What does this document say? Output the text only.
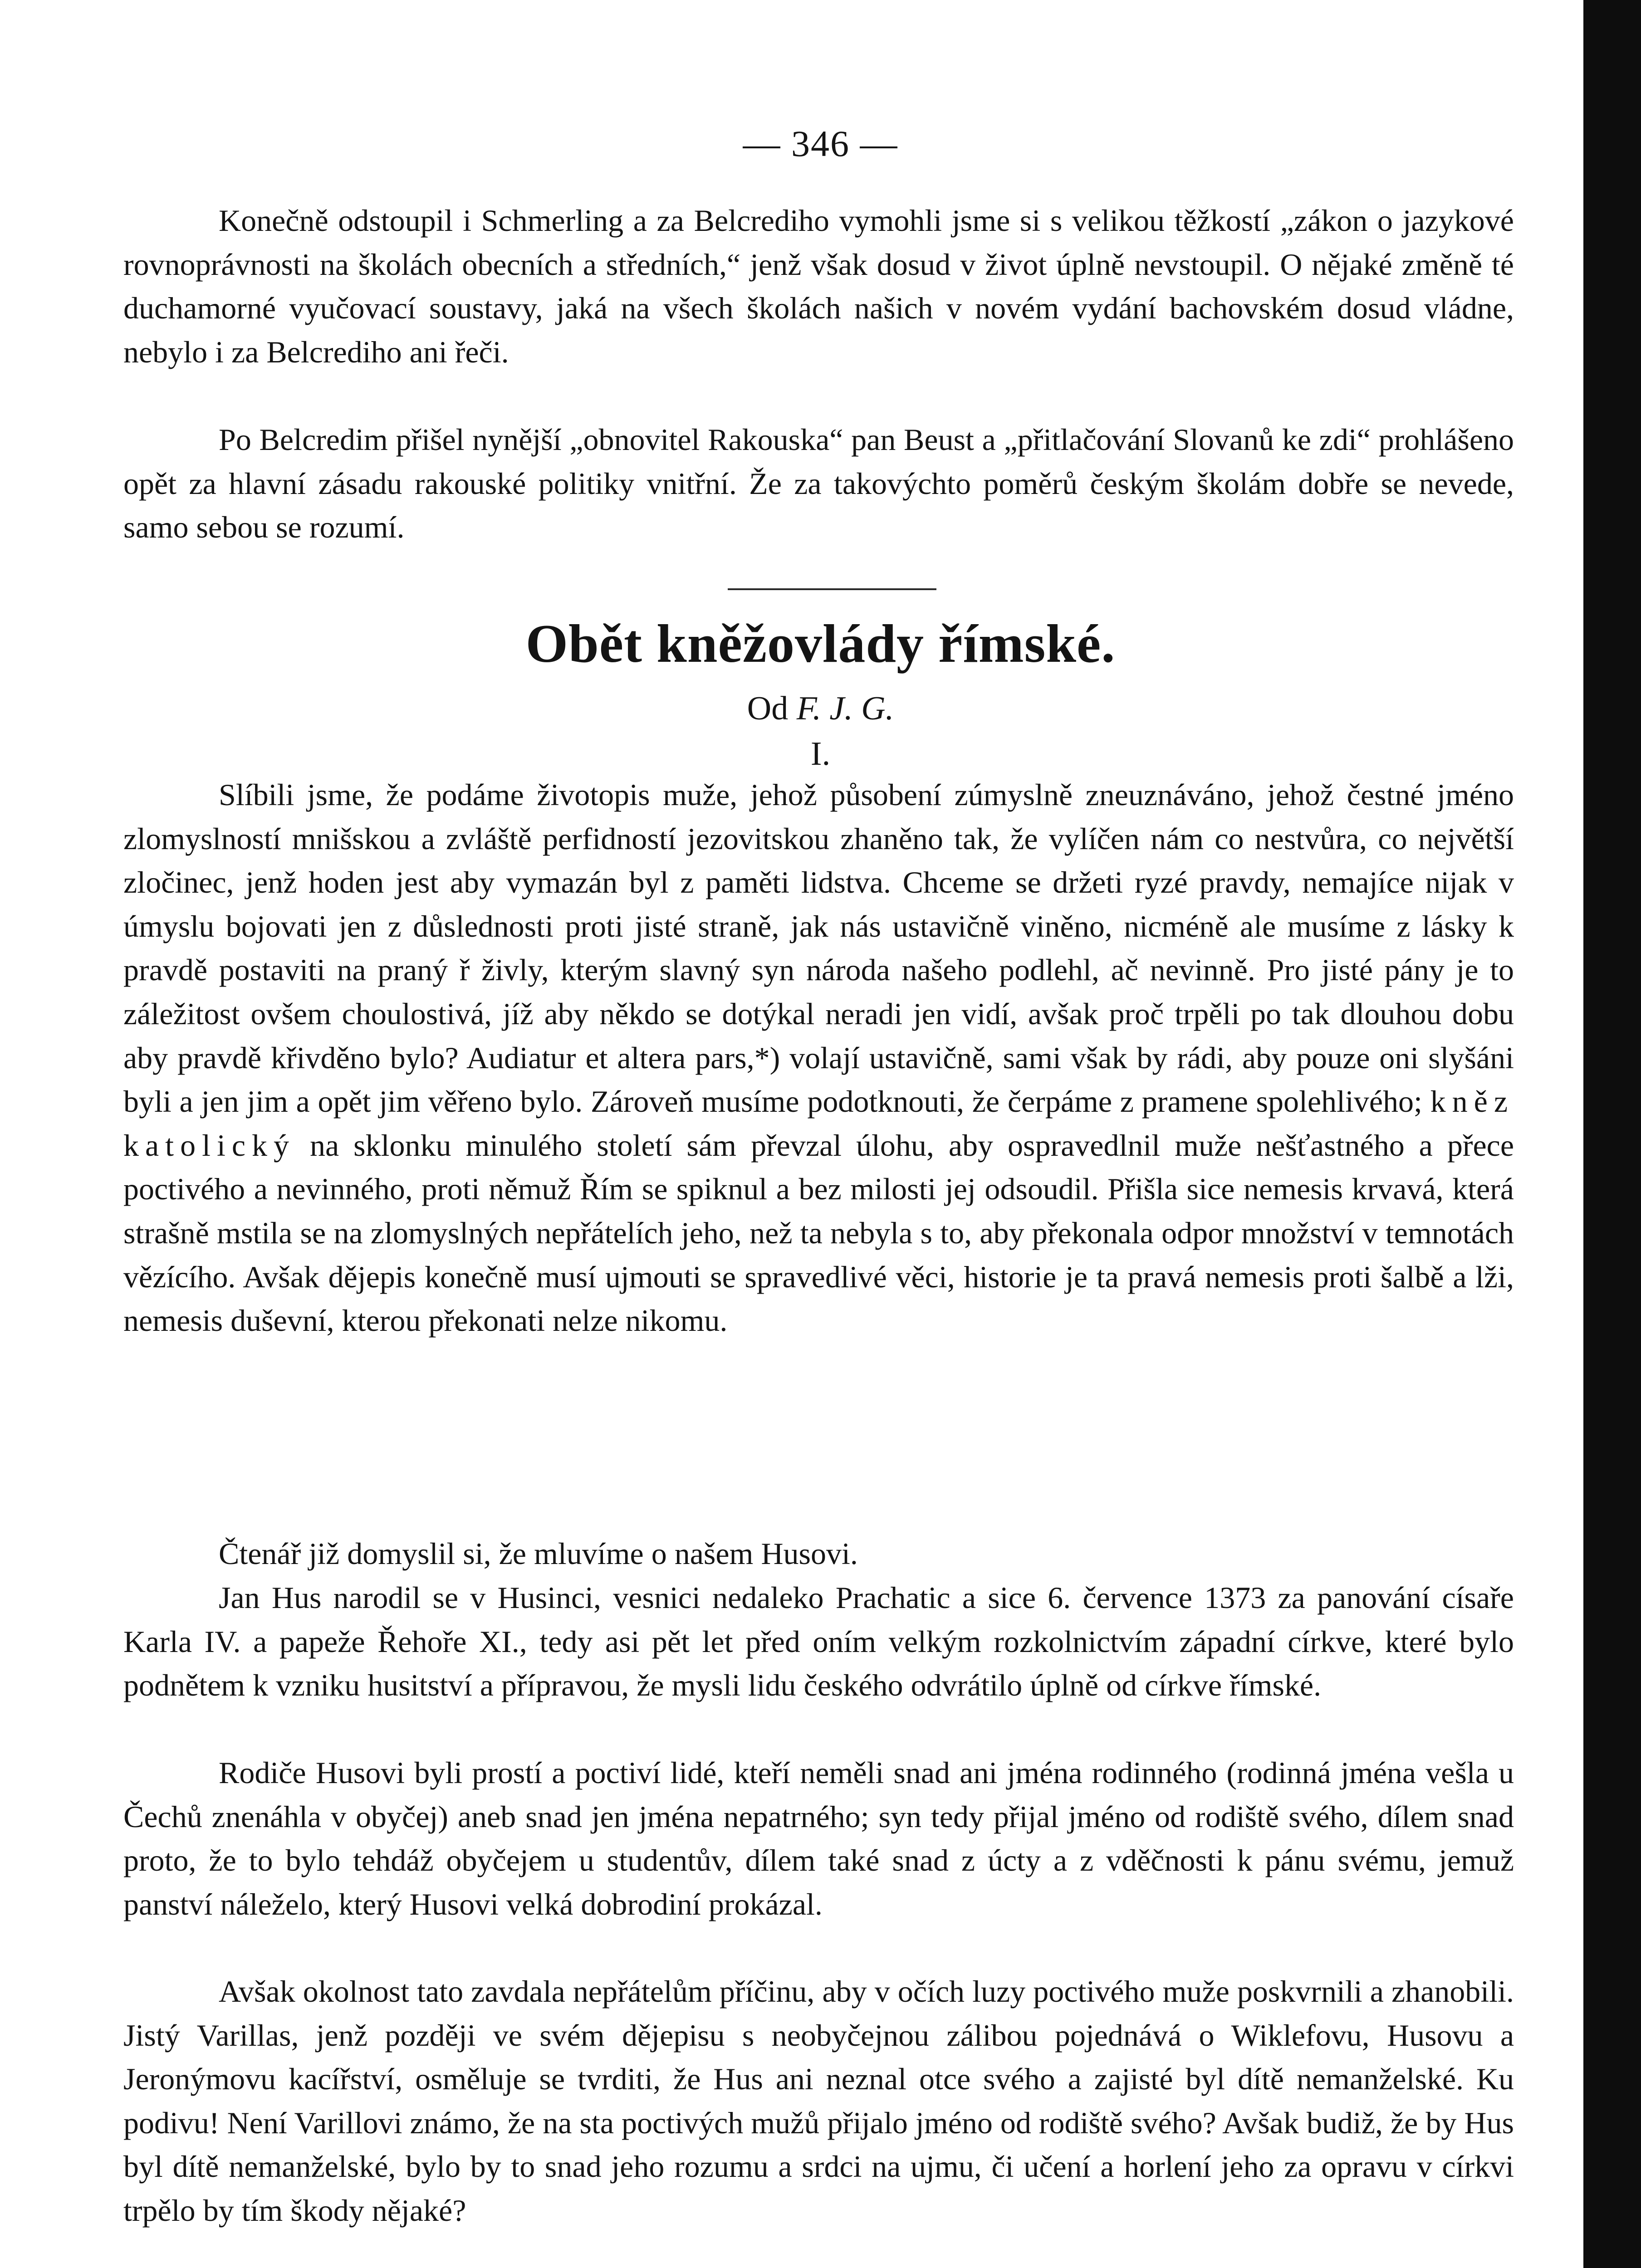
— 346 —

Konečně odstoupil i Schmerling a za Belcrediho vymohli jsme si s velikou těžkostí „zákon o jazykové rovnoprávnosti na školách obecních a středních,“ jenž však dosud v život úplně nevstoupil. O nějaké změně té duchamorné vyučovací soustavy, jaká na všech školách našich v novém vydání bachovském dosud vládne, nebylo i za Belcrediho ani řeči.

Po Belcredim přišel nynější „obnovitel Rakouska“ pan Beust a „přitlačování Slovanů ke zdi“ prohlášeno opět za hlavní zásadu rakouské politiky vnitřní. Že za takovýchto poměrů českým školám dobře se nevede, samo sebou se rozumí.

Obět kněžovlády římské.
Od F. J. G.
I.

Slíbili jsme, že podáme životopis muže, jehož působení zúmyslně zneuznáváno, jehož čestné jméno zlomyslností mnišskou a zvláště perfidností jezovitskou zhaněno tak, že vylíčen nám co nestvůra, co největší zločinec, jenž hoden jest aby vymazán byl z paměti lidstva. Chceme se držeti ryzé pravdy, nemajíce nijak v úmyslu bojovati jen z důslednosti proti jisté straně, jak nás ustavičně viněno, nicméně ale musíme z lásky k pravdě postaviti na praný ř živly, kterým slavný syn národa našeho podlehl, ač nevinně. Pro jisté pány je to záležitost ovšem choulostivá, jíž aby někdo se dotýkal neradi jen vidí, avšak proč trpěli po tak dlouhou dobu aby pravdě křivděno bylo? Audiatur et altera pars,*) volají ustavičně, sami však by rádi, aby pouze oni slyšáni byli a jen jim a opět jim věřeno bylo. Zároveň musíme podotknouti, že čerpáme z pramene spolehlivého; kněz katolický na sklonku minulého století sám převzal úlohu, aby ospravedlnil muže nešťastného a přece poctivého a nevinného, proti němuž Řím se spiknul a bez milosti jej odsoudil. Přišla sice nemesis krvavá, která strašně mstila se na zlomyslných nepřátelích jeho, než ta nebyla s to, aby překonala odpor množství v temnotách vězícího. Avšak dějepis konečně musí ujmouti se spravedlivé věci, historie je ta pravá nemesis proti šalbě a lži, nemesis duševní, kterou překonati nelze nikomu.

Čtenář již domyslil si, že mluvíme o našem Husovi.

Jan Hus narodil se v Husinci, vesnici nedaleko Prachatic a sice 6. července 1373 za panování císaře Karla IV. a papeže Řehoře XI., tedy asi pět let před oním velkým rozkolnictvím západní církve, které bylo podnětem k vzniku husitství a přípravou, že mysli lidu českého odvrátilo úplně od církve římské.

Rodiče Husovi byli prostí a poctiví lidé, kteří neměli snad ani jména rodinného (rodinná jména vešla u Čechů znenáhla v obyčej) aneb snad jen jména nepatrného; syn tedy přijal jméno od rodiště svého, dílem snad proto, že to bylo tehdáž obyčejem u studentův, dílem také snad z úcty a z vděčnosti k pánu svému, jemuž panství náleželo, který Husovi velká dobrodiní prokázal.

Avšak okolnost tato zavdala nepřátelům příčinu, aby v očích luzy poctivého muže poskvrnili a zhanobili. Jistý Varillas, jenž později ve svém dějepisu s neobyčejnou zálibou pojednává o Wiklefovu, Husovu a Jeronýmovu kacířství, osměluje se tvrditi, že Hus ani neznal otce svého a zajisté byl dítě nemanželské. Ku podivu! Není Varillovi známo, že na sta poctivých mužů přijalo jméno od rodiště svého? Avšak budiž, že by Hus byl dítě nemanželské, bylo by to snad jeho rozumu a srdci na ujmu, či učení a horlení jeho za opravu v církvi trpělo by tím škody nějaké?
